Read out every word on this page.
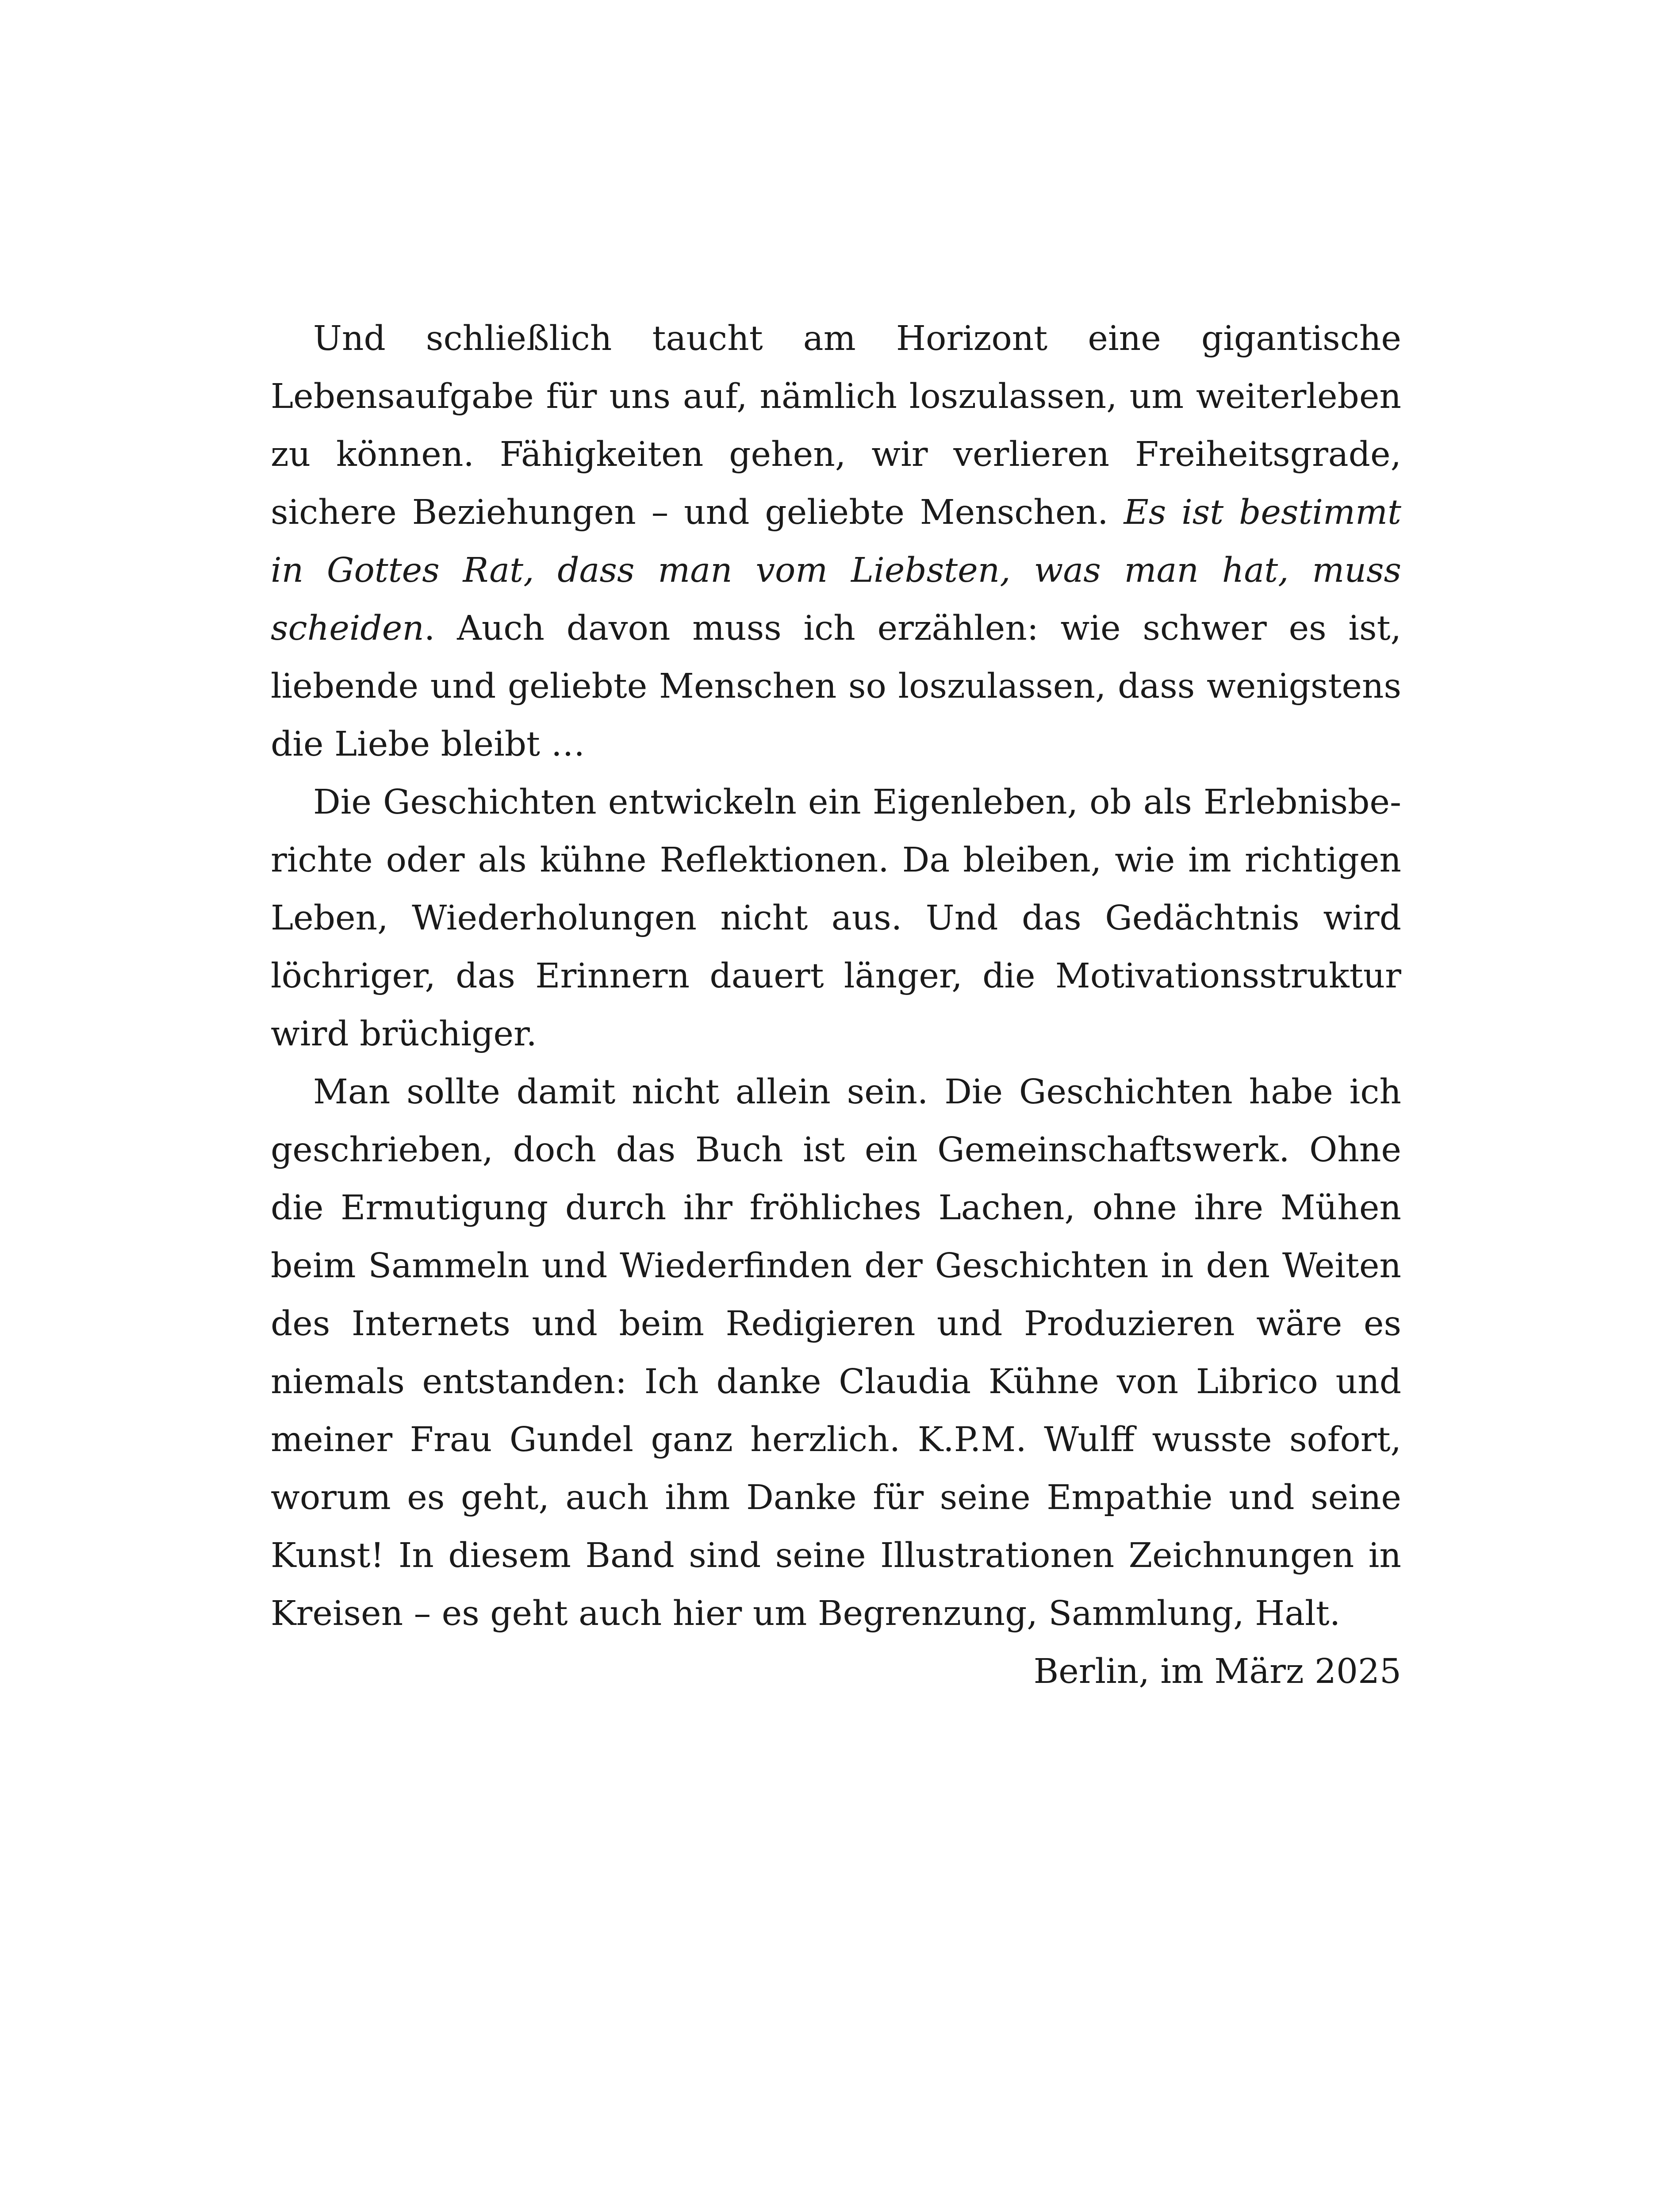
Und schließlich taucht am Horizont eine gigantische Lebensaufgabe für uns auf, nämlich loszulassen, um weiterleben zu können. Fähigkeiten gehen, wir verlieren Freiheitsgrade, sichere Beziehungen – und geliebte Menschen. Es ist bestimmt in Gottes Rat, dass man vom Liebsten, was man hat, muss scheiden. Auch davon muss ich erzählen: wie schwer es ist, liebende und geliebte Menschen so loszulassen, dass wenigstens die Liebe bleibt …

Die Geschichten entwickeln ein Eigenleben, ob als Erlebnisberichte oder als kühne Reflektionen. Da bleiben, wie im richtigen Leben, Wiederholungen nicht aus. Und das Gedächtnis wird löchriger, das Erinnern dauert länger, die Motivationsstruktur wird brüchiger.

Man sollte damit nicht allein sein. Die Geschichten habe ich geschrieben, doch das Buch ist ein Gemeinschaftswerk. Ohne die Ermutigung durch ihr fröhliches Lachen, ohne ihre Mühen beim Sammeln und Wiederfinden der Geschichten in den Weiten des Internets und beim Redigieren und Produzieren wäre es niemals entstanden: Ich danke Claudia Kühne von Librico und meiner Frau Gundel ganz herzlich. K.P.M. Wulff wusste sofort, worum es geht, auch ihm Danke für seine Empathie und seine Kunst! In diesem Band sind seine Illustrationen Zeichnungen in Kreisen – es geht auch hier um Begrenzung, Sammlung, Halt.

Berlin, im März 2025
